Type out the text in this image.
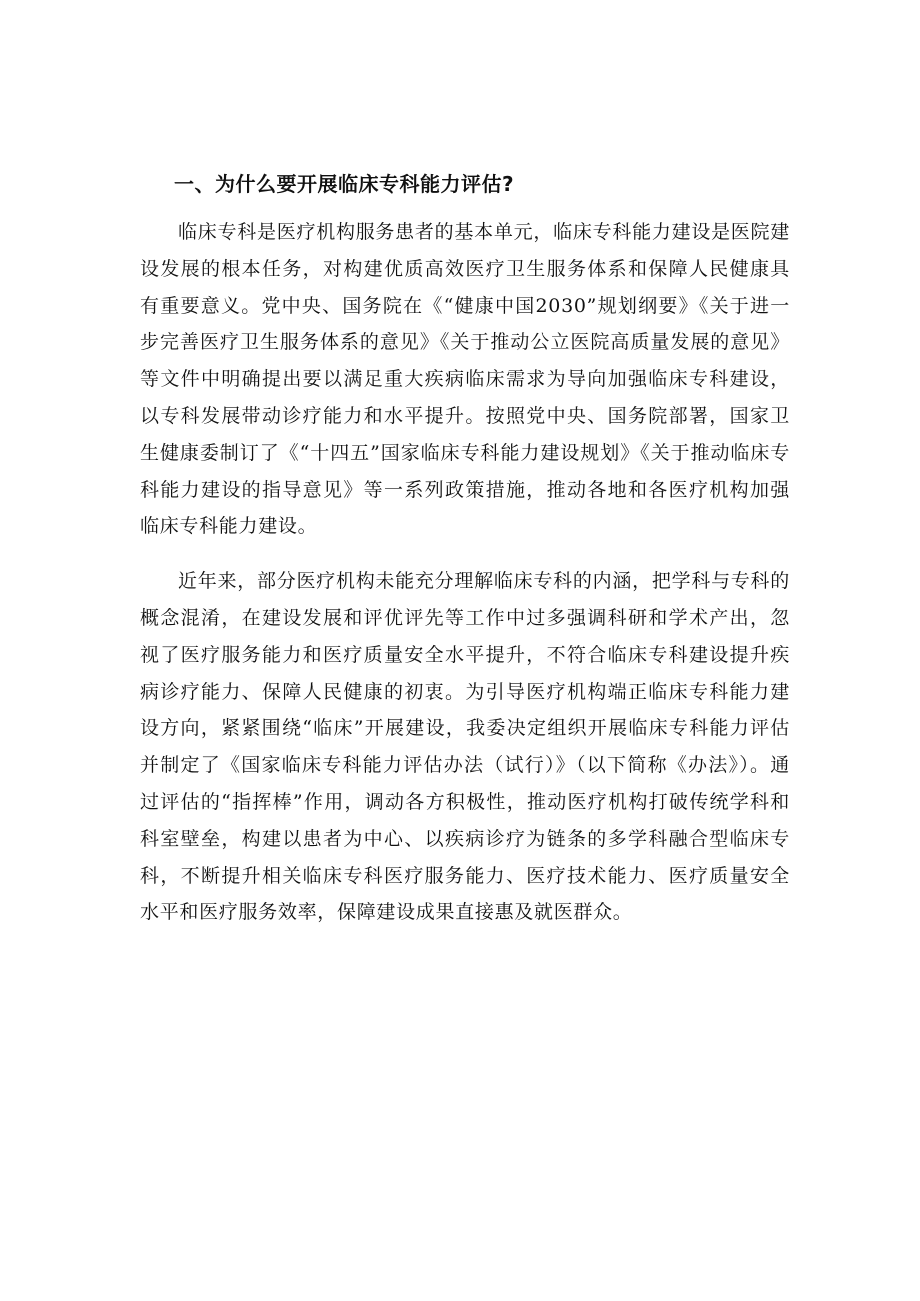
一、为什么要开展临床专科能力评估?

临床专科是医疗机构服务患者的基本单元，临床专科能力建设是医院建设发展的根本任务，对构建优质高效医疗卫生服务体系和保障人民健康具有重要意义。党中央、国务院在《“健康中国2030”规划纲要》《关于进一步完善医疗卫生服务体系的意见》《关于推动公立医院高质量发展的意见》等文件中明确提出要以满足重大疾病临床需求为导向加强临床专科建设，以专科发展带动诊疗能力和水平提升。按照党中央、国务院部署，国家卫生健康委制订了《“十四五”国家临床专科能力建设规划》《关于推动临床专科能力建设的指导意见》等一系列政策措施，推动各地和各医疗机构加强临床专科能力建设。

近年来，部分医疗机构未能充分理解临床专科的内涵，把学科与专科的概念混淆，在建设发展和评优评先等工作中过多强调科研和学术产出，忽视了医疗服务能力和医疗质量安全水平提升，不符合临床专科建设提升疾病诊疗能力、保障人民健康的初衷。为引导医疗机构端正临床专科能力建设方向，紧紧围绕“临床”开展建设，我委决定组织开展临床专科能力评估并制定了《国家临床专科能力评估办法（试行）》（以下简称《办法》）。通过评估的“指挥棒”作用，调动各方积极性，推动医疗机构打破传统学科和科室壁垒，构建以患者为中心、以疾病诊疗为链条的多学科融合型临床专科，不断提升相关临床专科医疗服务能力、医疗技术能力、医疗质量安全水平和医疗服务效率，保障建设成果直接惠及就医群众。
